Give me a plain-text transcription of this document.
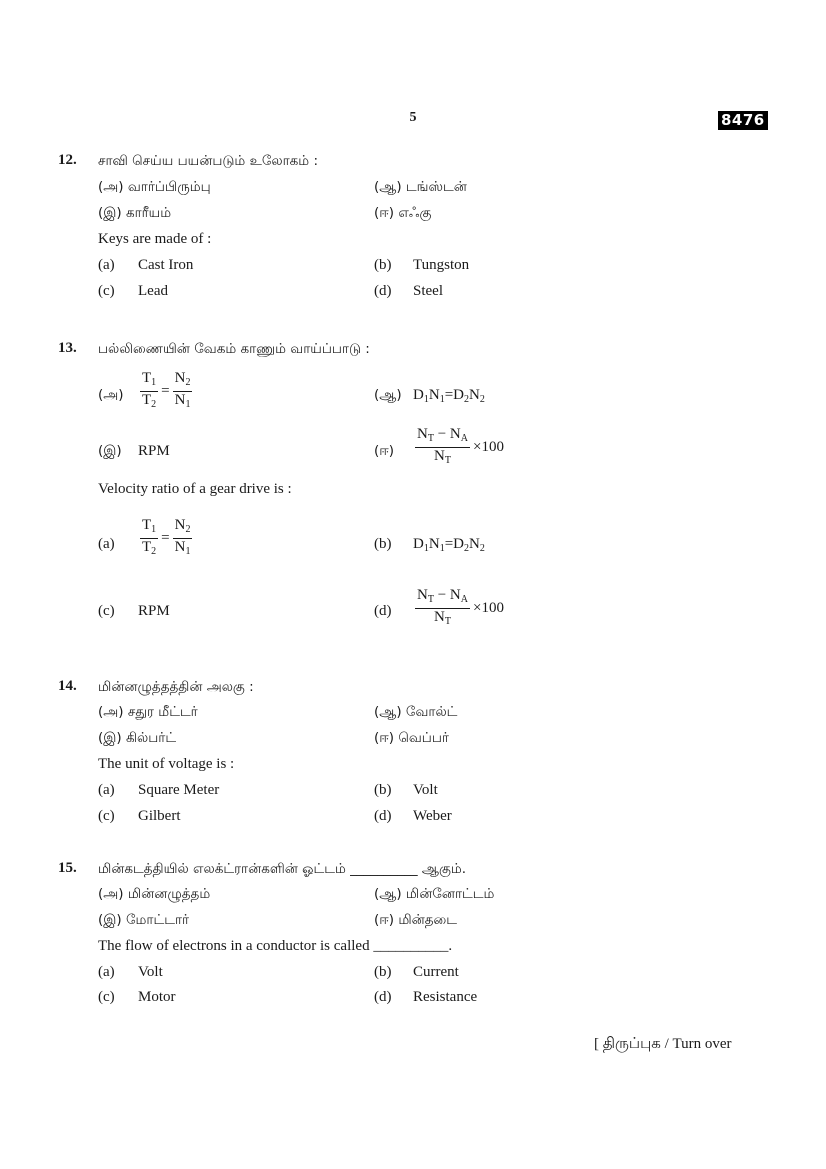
5	8476
12. சாவி செய்ய பயன்படும் உலோகம் :
(அ) வார்ப்பிரும்பு	(ஆ) டங்ஸ்டன்
(இ) காரீயம்	(ஈ) எஃகு
Keys are made of :
(a) Cast Iron	(b) Tungston
(c) Lead	(d) Steel
13. பல்லிணையின் வேகம் காணும் வாய்ப்பாடு :
(அ) $\frac{T_1}{T_2} = \frac{N_2}{N_1}$	(ஆ) $D_1N_1=D_2N_2$
(இ) RPM	(ஈ) $\frac{N_T - N_A}{N_T} \times 100$
Velocity ratio of a gear drive is :
$(a) \frac{T_1}{T_2} = \frac{N_2}{N_1}$	(b) $D_1N_1=D_2N_2$
(c) RPM	$(d) \frac{N_T - N_A}{N_T} \times 100$
14. மின்னழுத்தத்தின் அலகு :
(அ) சதுர மீட்டர்	(ஆ) வோல்ட்
(இ) கில்பர்ட்	(ஈ) வெப்பர்
The unit of voltage is :
(a) Square Meter	(b) Volt
(c) Gilbert	(d) Weber
15. மின்கடத்தியில் எலக்ட்ரான்களின் ஓட்டம் __________ ஆகும்.
(அ) மின்னழுத்தம்	(ஆ) மின்னோட்டம்
(இ) மோட்டார்	(ஈ) மின்தடை
The flow of electrons in a conductor is called __________.
(a) Volt	(b) Current
(c) Motor	(d) Resistance
[ திருப்புக / Turn over
